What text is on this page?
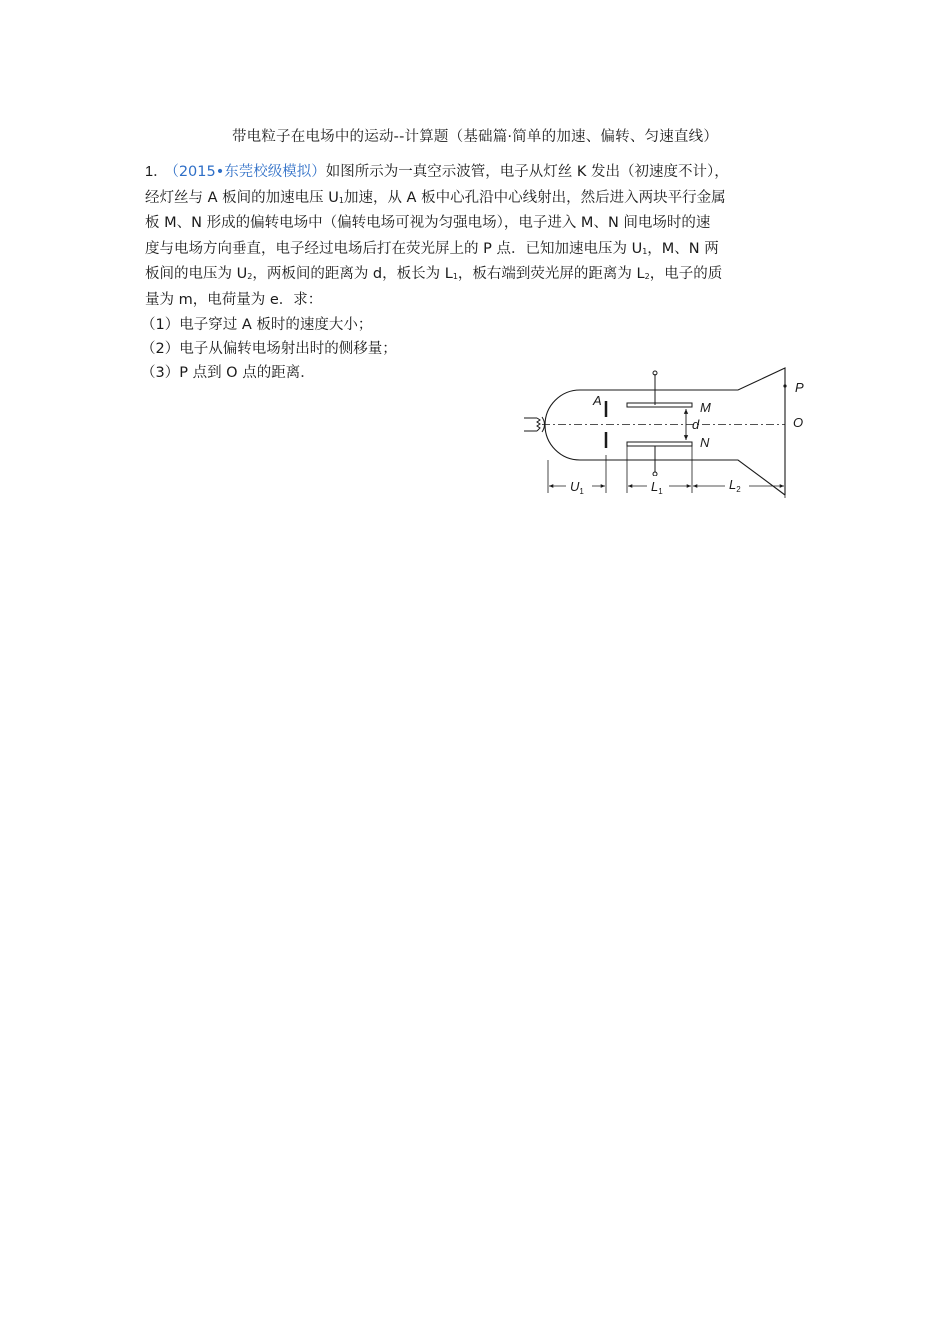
带电粒子在电场中的运动--计算题（基础篇·简单的加速、偏转、匀速直线）
1． （2015•东莞校级模拟）如图所示为一真空示波管，电子从灯丝 K 发出（初速度不计），
经灯丝与 A 板间的加速电压 $U_1$加速，从 A 板中心孔沿中心线射出，然后进入两块平行金属
板 M、N 形成的偏转电场中（偏转电场可视为匀强电场），电子进入 M、N 间电场时的速
度与电场方向垂直，电子经过电场后打在荧光屏上的 P 点．已知加速电压为 $U_1$，M、N 两
板间的电压为 $U_2$，两板间的距离为 d，板长为 $L_1$，板右端到荧光屏的距离为 $L_2$，电子的质
量为 m，电荷量为 e．求：
（1）电子穿过 A 板时的速度大小；
（2）电子从偏转电场射出时的侧移量；
（3）P 点到 O 点的距离．
A	M
N
d
P
O
$U_1$	$L_1$	$L_2$
